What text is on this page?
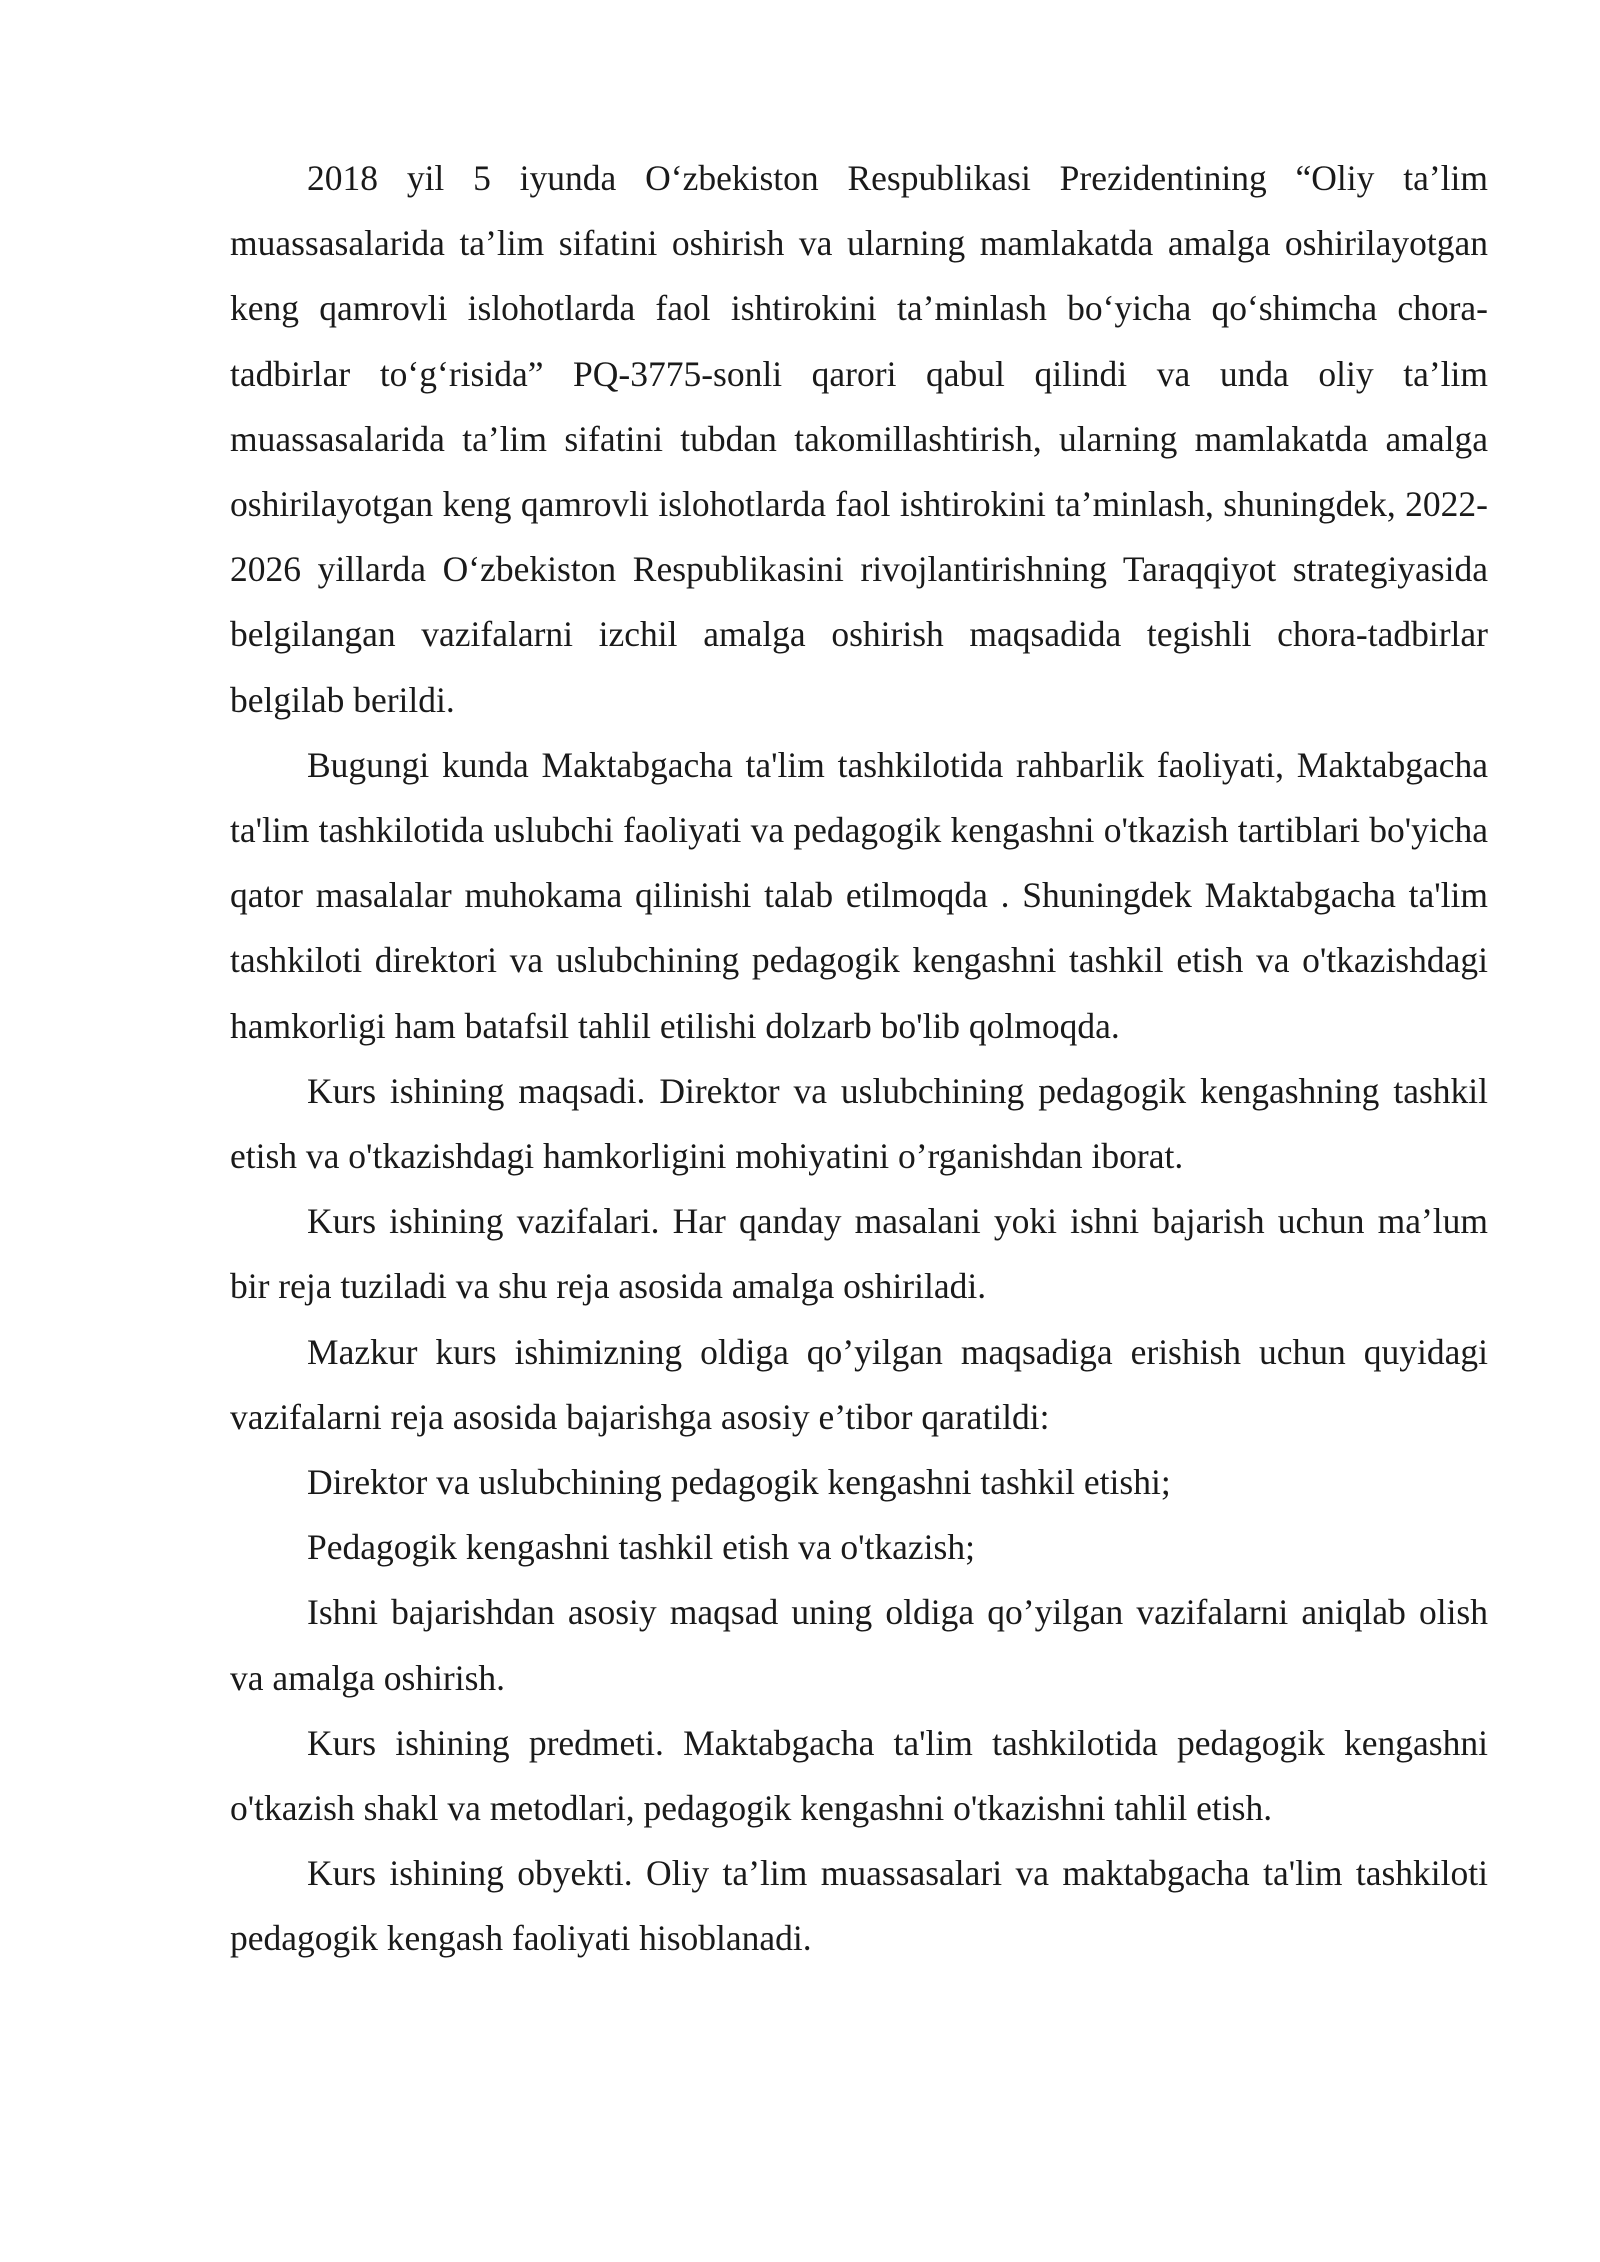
2018 yil 5 iyunda O‘zbekiston Respublikasi Prezidentining “Oliy ta’lim muassasalarida ta’lim sifatini oshirish va ularning mamlakatda amalga oshirilayotgan keng qamrovli islohotlarda faol ishtirokini ta’minlash bo‘yicha qo‘shimcha chora-tadbirlar to‘g‘risida” PQ-3775-sonli qarori qabul qilindi va unda oliy ta’lim muassasalarida ta’lim sifatini tubdan takomillashtirish, ularning mamlakatda amalga oshirilayotgan keng qamrovli islohotlarda faol ishtirokini ta’minlash, shuningdek, 2022-2026 yillarda O‘zbekiston Respublikasini rivojlantirishning Taraqqiyot strategiyasida belgilangan vazifalarni izchil amalga oshirish maqsadida tegishli chora-tadbirlar belgilab berildi.

Bugungi kunda Maktabgacha ta'lim tashkilotida rahbarlik faoliyati, Maktabgacha ta'lim tashkilotida uslubchi faoliyati va pedagogik kengashni o'tkazish tartiblari bo'yicha qator masalalar muhokama qilinishi talab etilmoqda . Shuningdek Maktabgacha ta'lim tashkiloti direktori va uslubchining pedagogik kengashni tashkil etish va o'tkazishdagi hamkorligi ham batafsil tahlil etilishi dolzarb bo'lib qolmoqda.

Kurs ishining maqsadi. Direktor va uslubchining pedagogik kengashning tashkil etish va o'tkazishdagi hamkorligini mohiyatini o’rganishdan iborat.

Kurs ishining vazifalari. Har qanday masalani yoki ishni bajarish uchun ma’lum bir reja tuziladi va shu reja asosida amalga oshiriladi.

Mazkur kurs ishimizning oldiga qo’yilgan maqsadiga erishish uchun quyidagi vazifalarni reja asosida bajarishga asosiy e’tibor qaratildi:

Direktor va uslubchining pedagogik kengashni tashkil etishi;

Pedagogik kengashni tashkil etish va o'tkazish;

Ishni bajarishdan asosiy maqsad uning oldiga qo’yilgan vazifalarni aniqlab olish va amalga oshirish.

Kurs ishining predmeti. Maktabgacha ta'lim tashkilotida pedagogik kengashni o'tkazish shakl va metodlari, pedagogik kengashni o'tkazishni tahlil etish.

Kurs ishining obyekti. Oliy ta’lim muassasalari va maktabgacha ta'lim tashkiloti pedagogik kengash faoliyati hisoblanadi.
